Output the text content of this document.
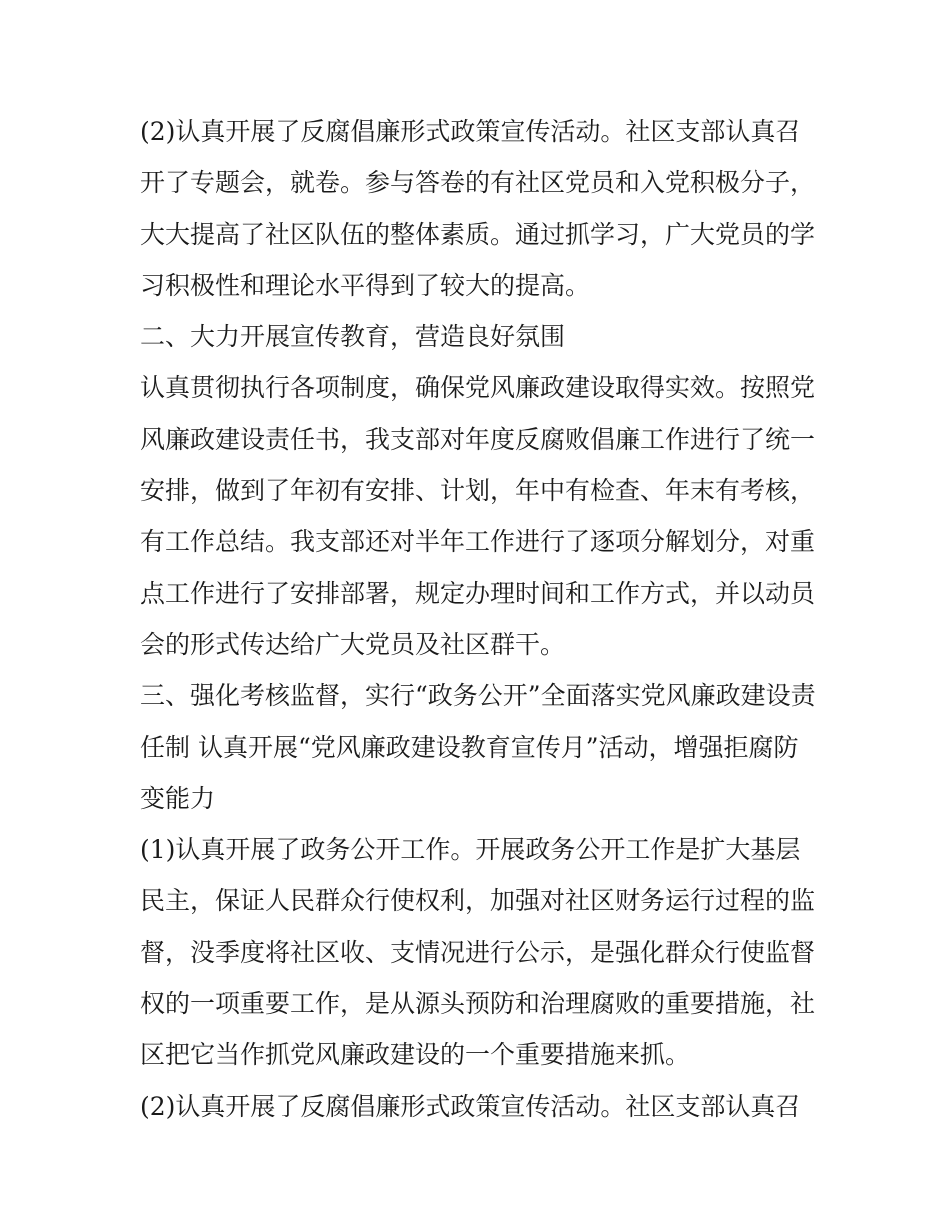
(2)认真开展了反腐倡廉形式政策宣传活动。社区支部认真召

开了专题会，就卷。参与答卷的有社区党员和入党积极分子，

大大提高了社区队伍的整体素质。通过抓学习，广大党员的学

习积极性和理论水平得到了较大的提高。

二、大力开展宣传教育，营造良好氛围

认真贯彻执行各项制度，确保党风廉政建设取得实效。按照党

风廉政建设责任书，我支部对年度反腐败倡廉工作进行了统一

安排，做到了年初有安排、计划，年中有检查、年末有考核，

有工作总结。我支部还对半年工作进行了逐项分解划分，对重

点工作进行了安排部署，规定办理时间和工作方式，并以动员

会的形式传达给广大党员及社区群干。

三、强化考核监督，实行“政务公开”全面落实党风廉政建设责

任制 认真开展“党风廉政建设教育宣传月”活动，增强拒腐防

变能力

(1)认真开展了政务公开工作。开展政务公开工作是扩大基层

民主，保证人民群众行使权利，加强对社区财务运行过程的监

督，没季度将社区收、支情况进行公示，是强化群众行使监督

权的一项重要工作，是从源头预防和治理腐败的重要措施，社

区把它当作抓党风廉政建设的一个重要措施来抓。

(2)认真开展了反腐倡廉形式政策宣传活动。社区支部认真召
